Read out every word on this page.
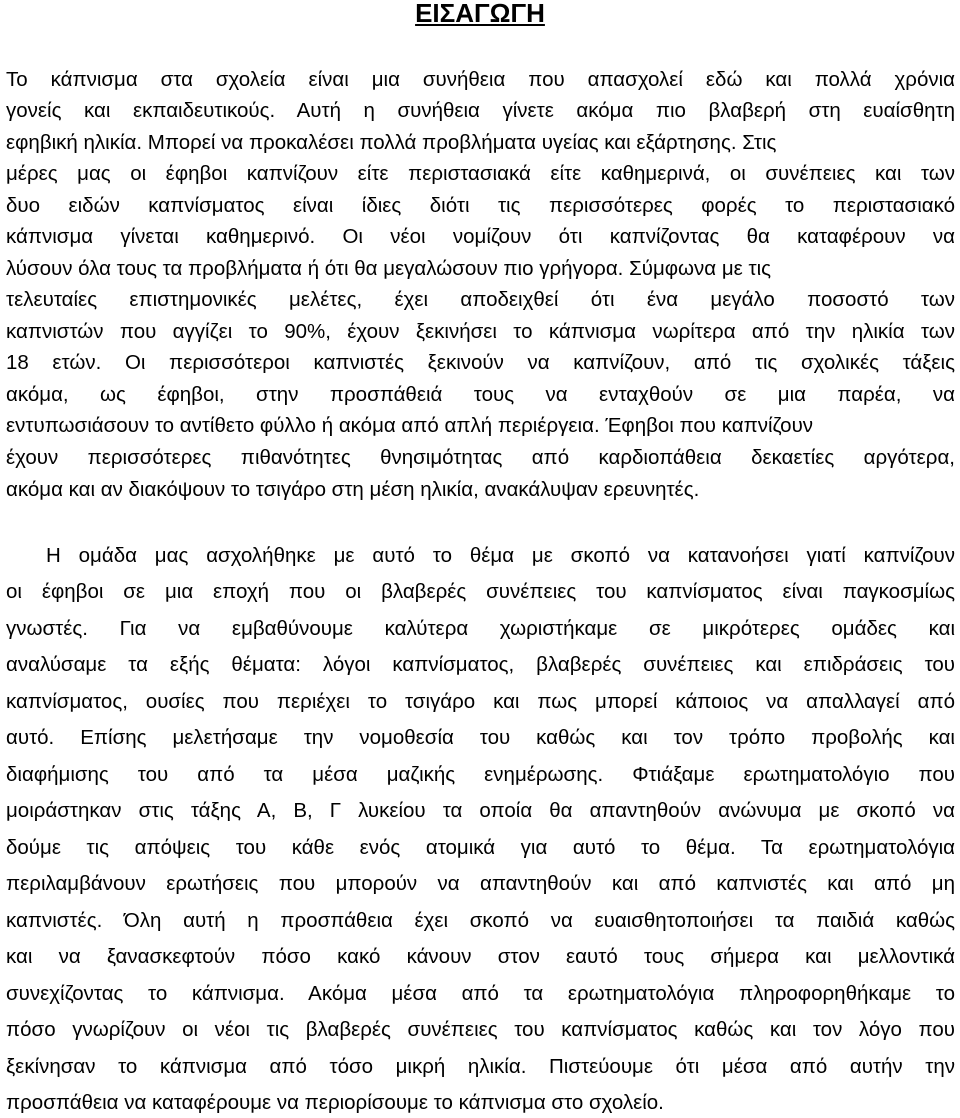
ΕΙΣΑΓΩΓΗ

Το κάπνισμα στα σχολεία είναι μια συνήθεια που απασχολεί εδώ και πολλά χρόνια

γονείς και εκπαιδευτικούς. Αυτή η συνήθεια γίνετε ακόμα πιο βλαβερή στη ευαίσθητη

εφηβική ηλικία. Μπορεί να προκαλέσει πολλά προβλήματα υγείας και εξάρτησης. Στις

μέρες μας οι έφηβοι καπνίζουν είτε περιστασιακά είτε καθημερινά, οι συνέπειες και των

δυο ειδών καπνίσματος είναι ίδιες διότι τις περισσότερες φορές το περιστασιακό

κάπνισμα γίνεται καθημερινό. Οι νέοι νομίζουν ότι καπνίζοντας θα καταφέρουν να

λύσουν όλα τους τα προβλήματα ή ότι θα μεγαλώσουν πιο γρήγορα. Σύμφωνα με τις

τελευταίες επιστημονικές μελέτες, έχει αποδειχθεί ότι ένα μεγάλο ποσοστό των

καπνιστών που αγγίζει το 90%, έχουν ξεκινήσει το κάπνισμα νωρίτερα από την ηλικία των

18 ετών. Οι περισσότεροι καπνιστές ξεκινούν να καπνίζουν, από τις σχολικές τάξεις

ακόμα, ως έφηβοι, στην προσπάθειά τους να ενταχθούν σε μια παρέα, να

εντυπωσιάσουν το αντίθετο φύλλο ή ακόμα από απλή περιέργεια. Έφηβοι που καπνίζουν

έχουν περισσότερες πιθανότητες θνησιμότητας από καρδιοπάθεια δεκαετίες αργότερα,

ακόμα και αν διακόψουν το τσιγάρο στη μέση ηλικία, ανακάλυψαν ερευνητές.

Η ομάδα μας ασχολήθηκε με αυτό το θέμα με σκοπό να κατανοήσει γιατί καπνίζουν

οι έφηβοι σε μια εποχή που οι βλαβερές συνέπειες του καπνίσματος είναι παγκοσμίως

γνωστές. Για να εμβαθύνουμε καλύτερα χωριστήκαμε σε μικρότερες ομάδες και

αναλύσαμε τα εξής θέματα: λόγοι καπνίσματος, βλαβερές συνέπειες και επιδράσεις του

καπνίσματος, ουσίες που περιέχει το τσιγάρο και πως μπορεί κάποιος να απαλλαγεί από

αυτό. Επίσης μελετήσαμε την νομοθεσία του καθώς και τον τρόπο προβολής και

διαφήμισης του από τα μέσα μαζικής ενημέρωσης. Φτιάξαμε ερωτηματολόγιο που

μοιράστηκαν στις τάξης Α, Β, Γ λυκείου τα οποία θα απαντηθούν ανώνυμα με σκοπό να

δούμε τις απόψεις του κάθε ενός ατομικά για αυτό το θέμα. Τα ερωτηματολόγια

περιλαμβάνουν ερωτήσεις που μπορούν να απαντηθούν και από καπνιστές και από μη

καπνιστές. Όλη αυτή η προσπάθεια έχει σκοπό να ευαισθητοποιήσει τα παιδιά καθώς

και να ξανασκεφτούν πόσο κακό κάνουν στον εαυτό τους σήμερα και μελλοντικά

συνεχίζοντας το κάπνισμα. Ακόμα μέσα από τα ερωτηματολόγια πληροφορηθήκαμε το

πόσο γνωρίζουν οι νέοι τις βλαβερές συνέπειες του καπνίσματος καθώς και τον λόγο που

ξεκίνησαν το κάπνισμα από τόσο μικρή ηλικία. Πιστεύουμε ότι μέσα από αυτήν την

προσπάθεια να καταφέρουμε να περιορίσουμε το κάπνισμα στο σχολείο.
